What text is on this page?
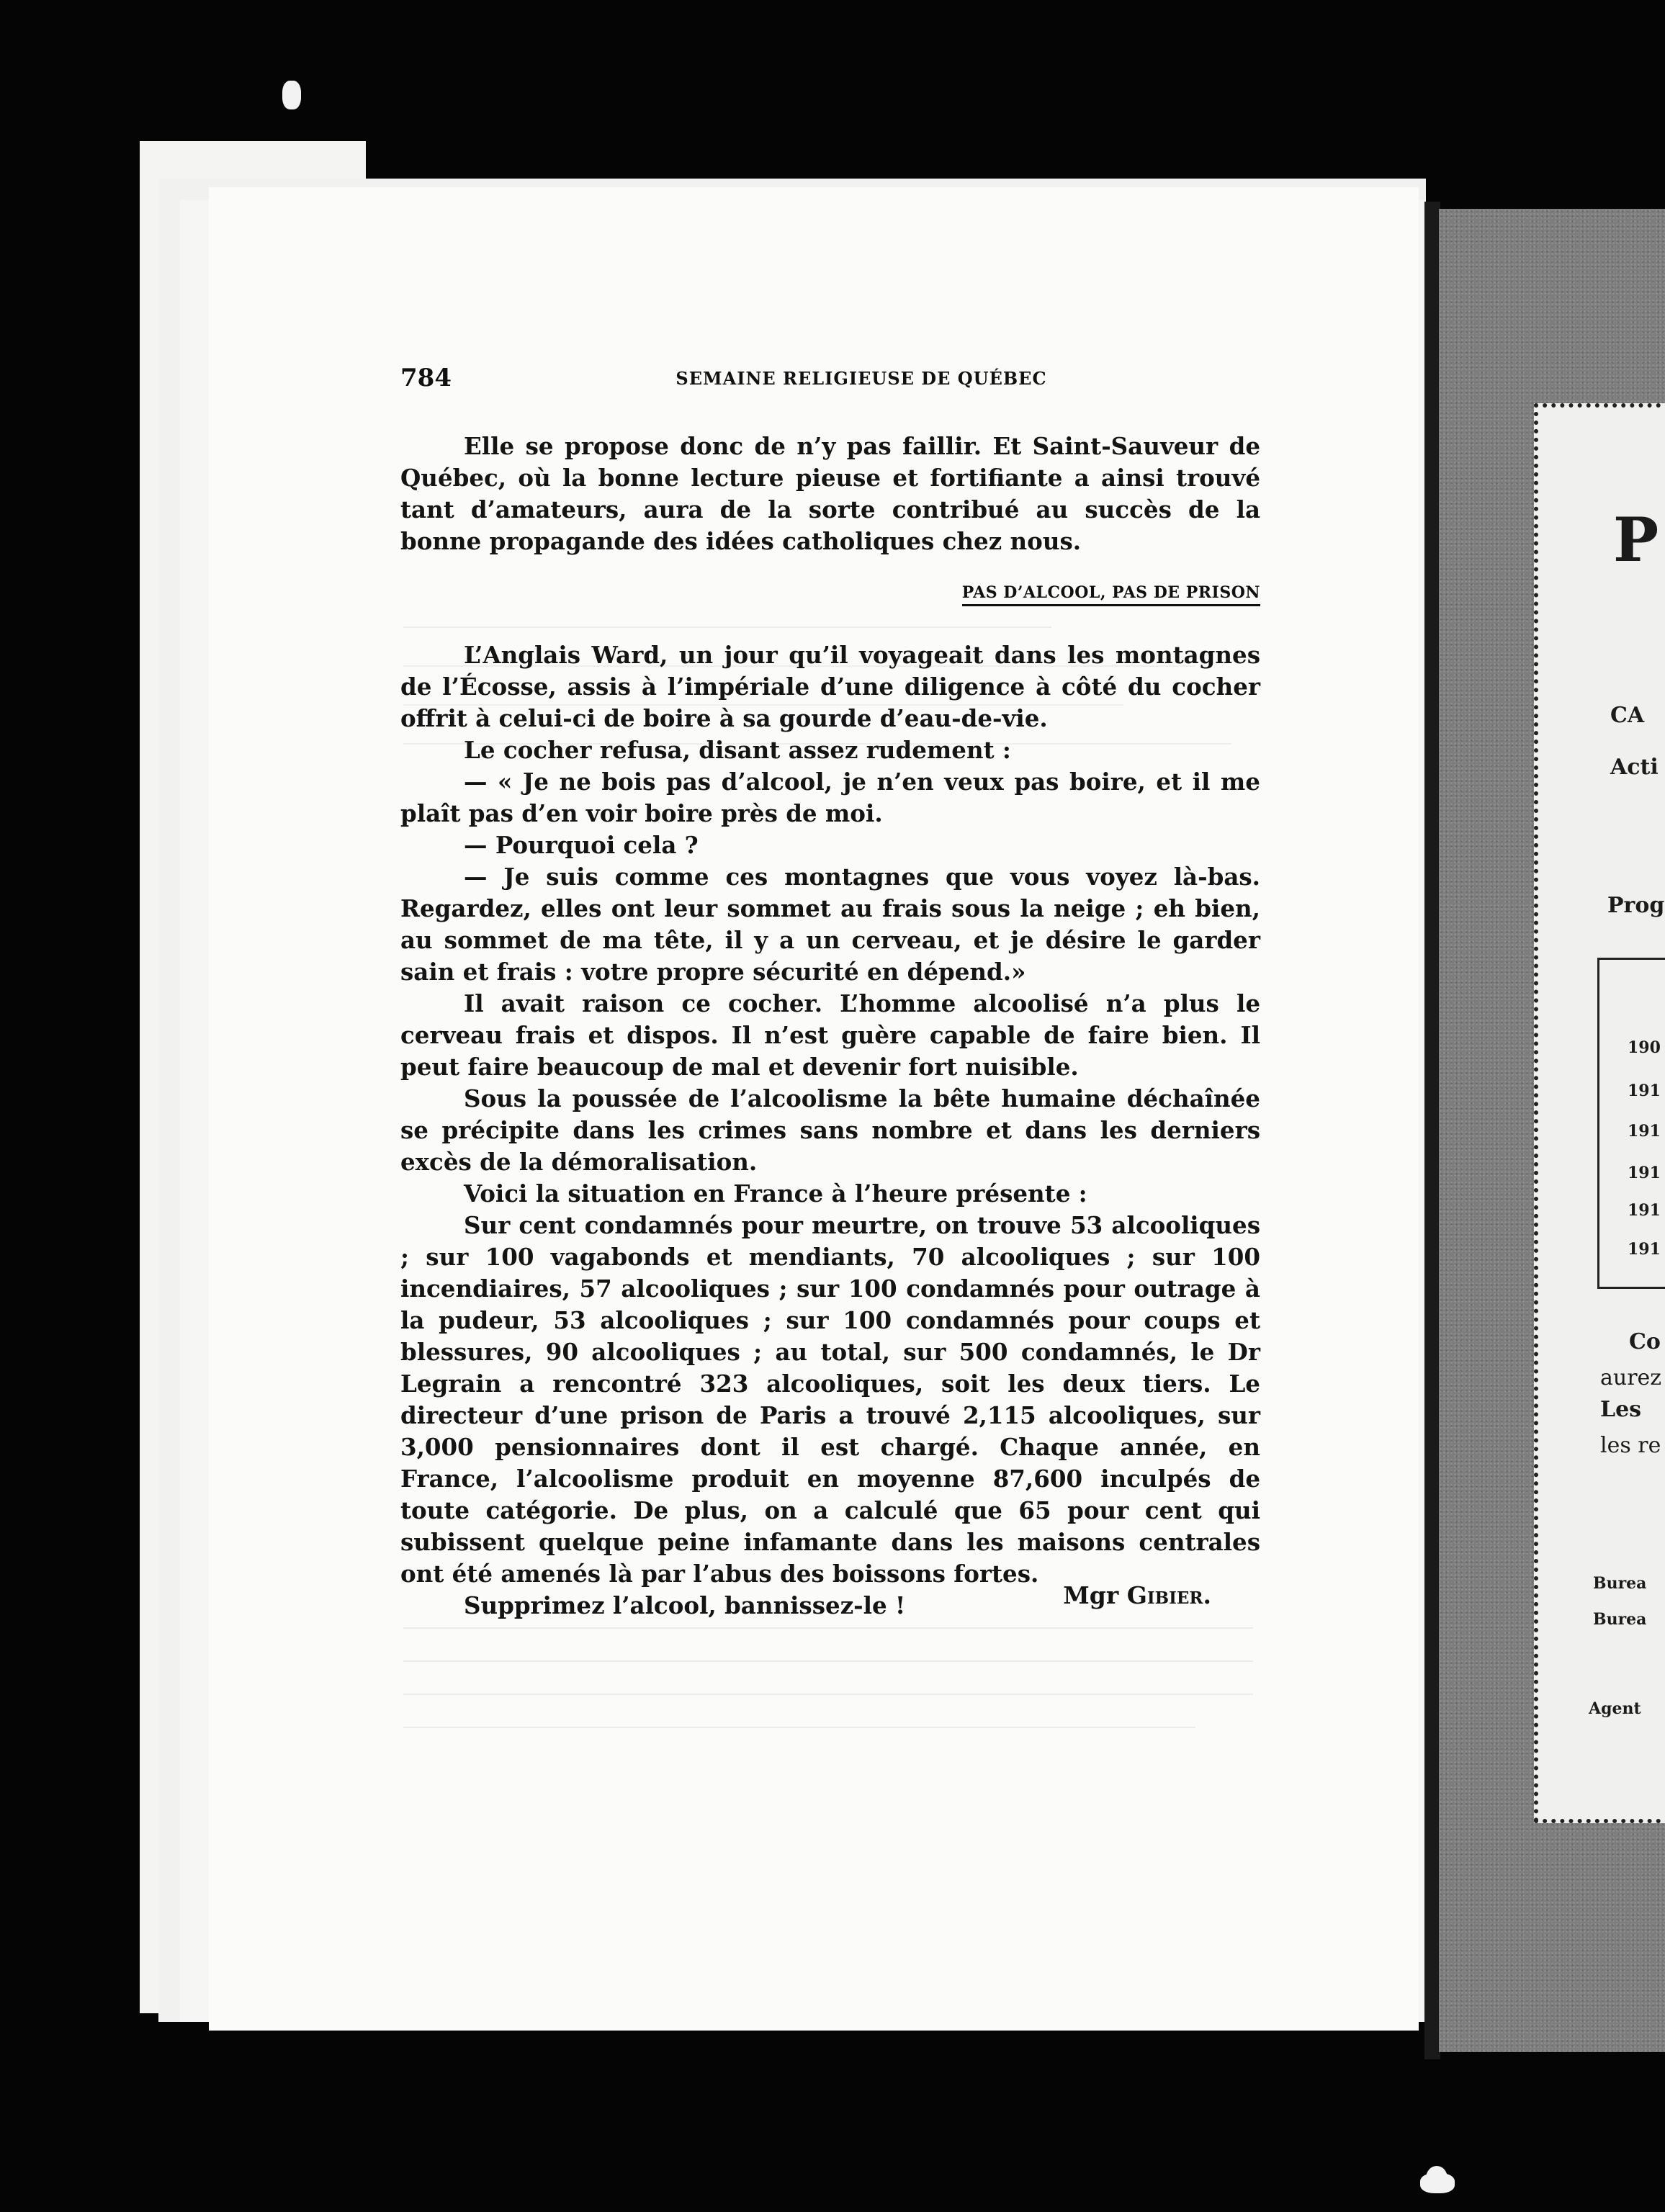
784	SEMAINE RELIGIEUSE DE QUÉBEC

Elle se propose donc de n’y pas faillir. Et Saint-Sauveur de Québec, où la bonne lecture pieuse et fortifiante a ainsi trouvé tant d’amateurs, aura de la sorte contribué au succès de la bonne propagande des idées catholiques chez nous.

PAS D’ALCOOL, PAS DE PRISON

L’Anglais Ward, un jour qu’il voyageait dans les montagnes de l’Écosse, assis à l’impériale d’une diligence à côté du cocher offrit à celui-ci de boire à sa gourde d’eau-de-vie.

Le cocher refusa, disant assez rudement :

— « Je ne bois pas d’alcool, je n’en veux pas boire, et il me plaît pas d’en voir boire près de moi.

— Pourquoi cela ?

— Je suis comme ces montagnes que vous voyez là-bas. Regardez, elles ont leur sommet au frais sous la neige ; eh bien, au sommet de ma tête, il y a un cerveau, et je désire le garder sain et frais : votre propre sécurité en dépend.»

Il avait raison ce cocher. L’homme alcoolisé n’a plus le cerveau frais et dispos. Il n’est guère capable de faire bien. Il peut faire beaucoup de mal et devenir fort nuisible.

Sous la poussée de l’alcoolisme la bête humaine déchaînée se précipite dans les crimes sans nombre et dans les derniers excès de la démoralisation.

Voici la situation en France à l’heure présente :

Sur cent condamnés pour meurtre, on trouve 53 alcooliques ; sur 100 vagabonds et mendiants, 70 alcooliques ; sur 100 incendiaires, 57 alcooliques ; sur 100 condamnés pour outrage à la pudeur, 53 alcooliques ; sur 100 condamnés pour coups et blessures, 90 alcooliques ; au total, sur 500 condamnés, le Dr Legrain a rencontré 323 alcooliques, soit les deux tiers. Le directeur d’une prison de Paris a trouvé 2,115 alcooliques, sur 3,000 pensionnaires dont il est chargé. Chaque année, en France, l’alcoolisme produit en moyenne 87,600 inculpés de toute catégorie. De plus, on a calculé que 65 pour cent qui subissent quelque peine infamante dans les maisons centrales ont été amenés là par l’abus des boissons fortes.

Supprimez l’alcool, bannissez-le !	Mgr Gibier.
P
CA
Acti
Prog
190
191
191
191
191
191
Co
aurez
Les
les re
Burea
Burea
Agent
